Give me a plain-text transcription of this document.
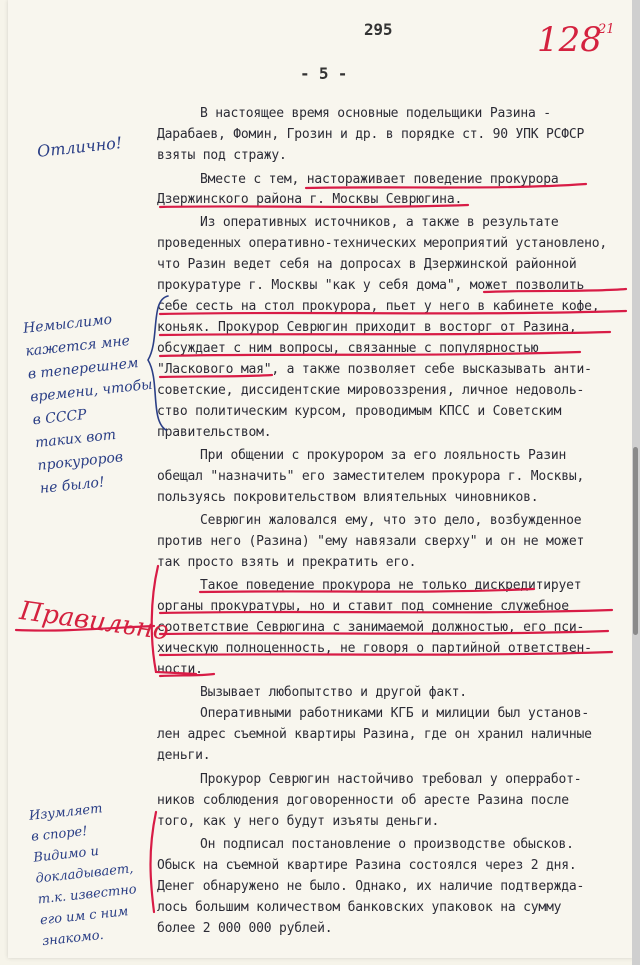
295
- 5 -
128
21
В настоящее время основные подельщики Разина -
Дарабаев, Фомин, Грозин и др. в порядке ст. 90 УПК РСФСР
взяты под стражу.
Вместе с тем, настораживает поведение прокурора
Дзержинского района г. Москвы Севрюгина.
Из оперативных источников, а также в результате
проведенных оперативно-технических мероприятий установлено,
что Разин ведет себя на допросах в Дзержинской районной
прокуратуре г. Москвы "как у себя дома", может позволить
себе сесть на стол прокурора, пьет у него в кабинете кофе,
коньяк. Прокурор Севрюгин приходит в восторг от Разина,
обсуждает с ним вопросы, связанные с популярностью
"Ласкового мая", а также позволяет себе высказывать анти-
советские, диссидентские мировоззрения, личное недоволь-
ство политическим курсом, проводимым КПСС и Советским
правительством.
При общении с прокурором за его лояльность Разин
обещал "назначить" его заместителем прокурора г. Москвы,
пользуясь покровительством влиятельных чиновников.
Севрюгин жаловался ему, что это дело, возбужденное
против него (Разина) "ему навязали сверху" и он не может
так просто взять и прекратить его.
Такое поведение прокурора не только дискредитирует
органы прокуратуры, но и ставит под сомнение служебное
соответствие Севрюгина с занимаемой должностью, его пси-
хическую полноценность, не говоря о партийной ответствен-
ности.
Вызывает любопытство и другой факт.
Оперативными работниками КГБ и милиции был установ-
лен адрес съемной квартиры Разина, где он хранил наличные
деньги.
Прокурор Севрюгин настойчиво требовал у оперработ-
ников соблюдения договоренности об аресте Разина после
того, как у него будут изъяты деньги.
Он подписал постановление о производстве обысков.
Обыск на съемной квартире Разина состоялся через 2 дня.
Денег обнаружено не было. Однако, их наличие подтвержда-
лось большим количеством банковских упаковок на сумму
более 2 000 000 рублей.
Отлично!
Немыслимо
кажется мне
в теперешнем
времени, чтобы
в СССР
таких вот
прокуроров
не было!
Правильно
Изумляет
в споре!
Видимо и
докладывает,
т.к. известно
его им с ним
знакомо.
